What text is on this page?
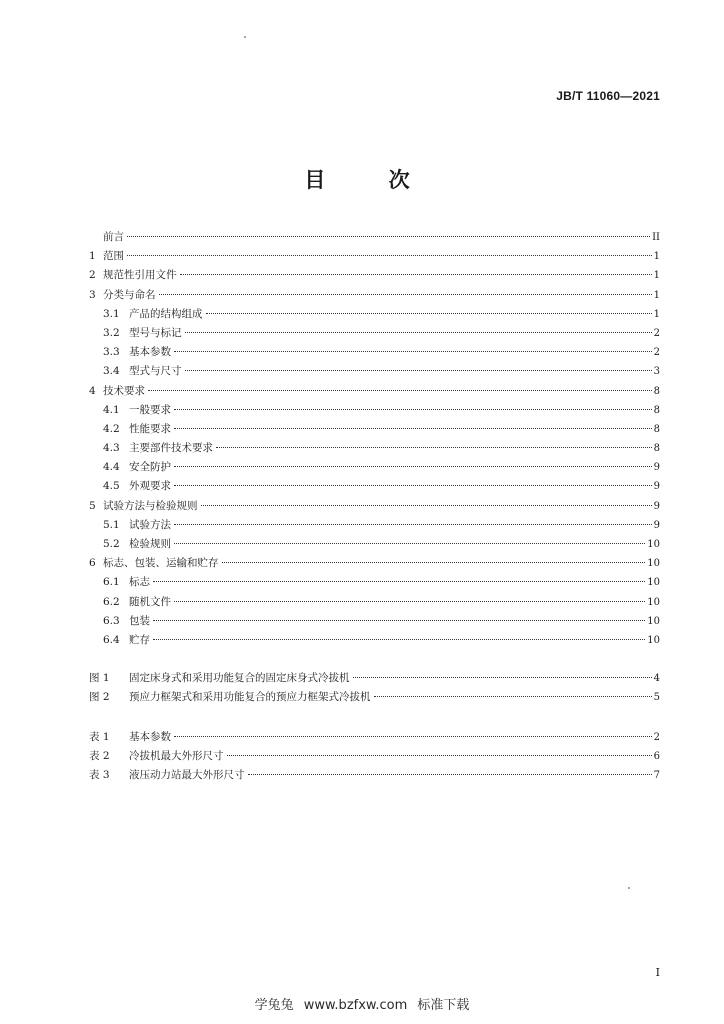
JB/T 11060—2021
目 次
前言	II
1 范围	1
2 规范性引用文件	1
3 分类与命名	1
3.1 产品的结构组成	1
3.2 型号与标记	2
3.3 基本参数	2
3.4 型式与尺寸	3
4 技术要求	8
4.1 一般要求	8
4.2 性能要求	8
4.3 主要部件技术要求	8
4.4 安全防护	9
4.5 外观要求	9
5 试验方法与检验规则	9
5.1 试验方法	9
5.2 检验规则	10
6 标志、包装、运输和贮存	10
6.1 标志	10
6.2 随机文件	10
6.3 包装	10
6.4 贮存	10
图 1	固定床身式和采用功能复合的固定床身式冷拔机	4
图 2	预应力框架式和采用功能复合的预应力框架式冷拔机	5
表 1	基本参数	2
表 2	冷拔机最大外形尺寸	6
表 3	液压动力站最大外形尺寸	7
I
学兔兔 www.bzfxw.com 标准下载
